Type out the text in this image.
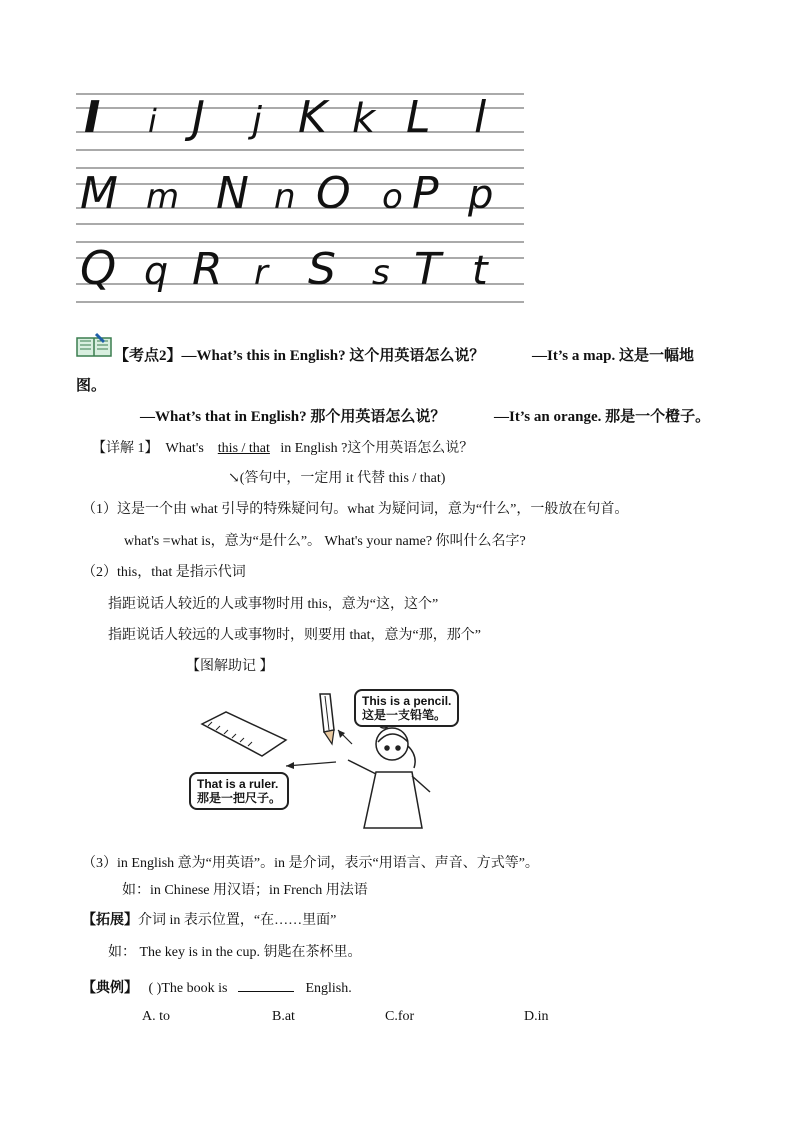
I i J j K k L l
M m N n O o P p
Q q R r S s T t
【考点2】—What’s this in English? 这个用英语怎么说？	—It’s a map. 这是一幅地
图。
—What’s that in English? 那个用英语怎么说？	—It’s an orange. 那是一个橙子。
【详解 1】 What's this / that in English ?这个用英语怎么说？
↘(答句中，一定用 it 代替 this / that)
（1）这是一个由 what 引导的特殊疑问句。what 为疑问词，意为“什么”，一般放在句首。
what's =what is，意为“是什么”。 What's your name? 你叫什么名字?
（2）this，that 是指示代词
指距说话人较近的人或事物时用 this，意为“这，这个”
指距说话人较远的人或事物时，则要用 that，意为“那，那个”
【图解助记 】
This is a pencil.
这是一支铅笔。
That is a ruler.
那是一把尺子。
（3）in English 意为“用英语”。in 是介词，表示“用语言、声音、方式等”。
如：in Chinese 用汉语；in French 用法语
【拓展】介词 in 表示位置，“在……里面”
如： The key is in the cup. 钥匙在茶杯里。
【典例】 ( )The book is	English.
A. to	B.at	C.for	D.in
